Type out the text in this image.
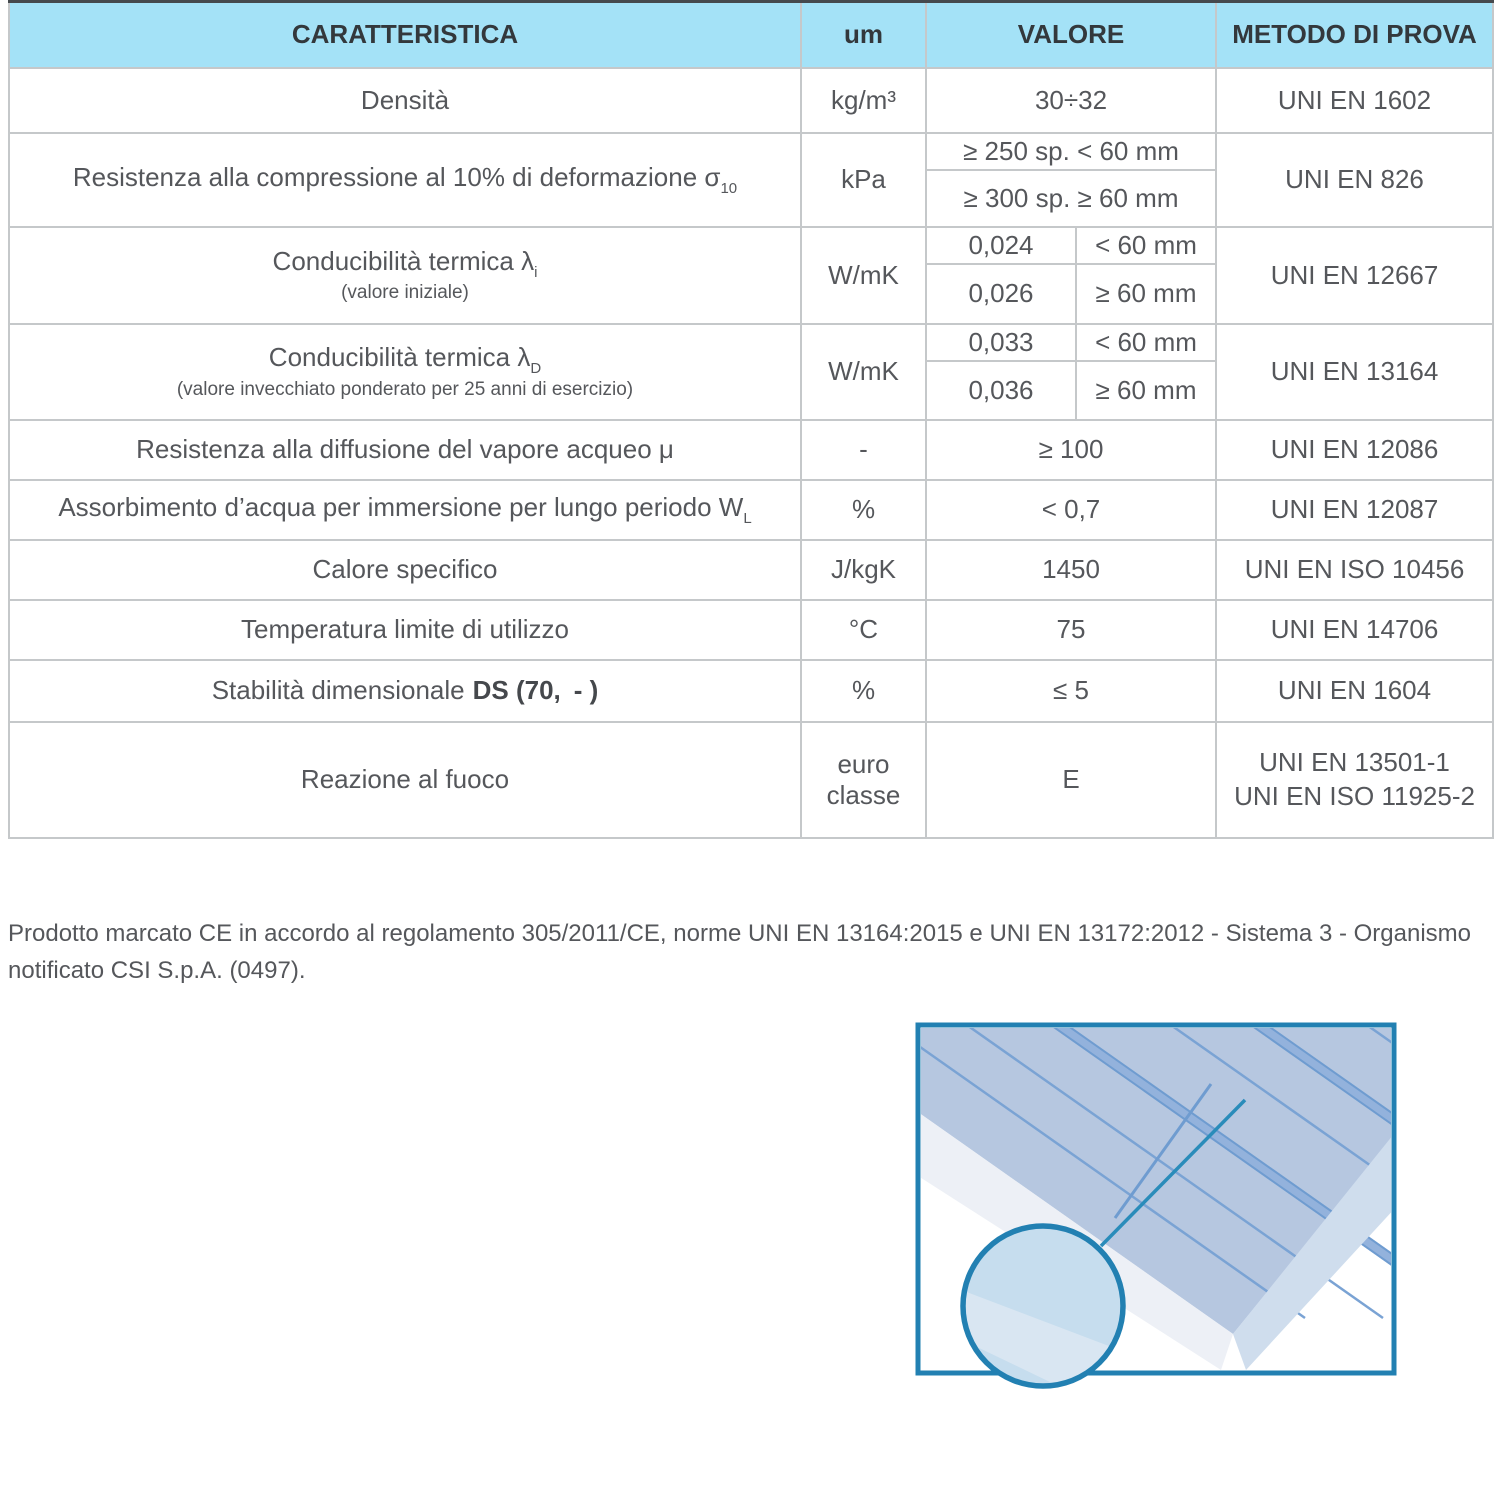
CARATTERISTICA	um	VALORE		METODO DI PROVA
Densità	kg/m³	30÷32		UNI EN 1602
Resistenza alla compressione al 10% di deformazione $\sigma_{10}$	kPa	≥ 250 sp. < 60 mm		UNI EN 826
		≥ 300 sp. ≥ 60 mm		
Conducibilità termica $\lambda_i$
(valore iniziale)	W/mK	0,024	< 60 mm	UNI EN 12667
		0,026	≥ 60 mm	
Conducibilità termica $\lambda_D$
(valore invecchiato ponderato per 25 anni di esercizio)	W/mK	0,033	< 60 mm	UNI EN 13164
		0,036	≥ 60 mm	
Resistenza alla diffusione del vapore acqueo μ	-	≥ 100		UNI EN 12086
Assorbimento d’acqua per immersione per lungo periodo $W_L$	%	< 0,7		UNI EN 12087
Calore specifico	J/kgK	1450		UNI EN ISO 10456
Temperatura limite di utilizzo	°C	75		UNI EN 14706
Stabilità dimensionale DS (70, - )	%	≤ 5		UNI EN 1604
Reazione al fuoco	euro classe	E		UNI EN 13501-1
UNI EN ISO 11925-2
Prodotto marcato CE in accordo al regolamento 305/2011/CE, norme UNI EN 13164:2015 e UNI EN 13172:2012 - Sistema 3 - Organismo notificato CSI S.p.A. (0497).
